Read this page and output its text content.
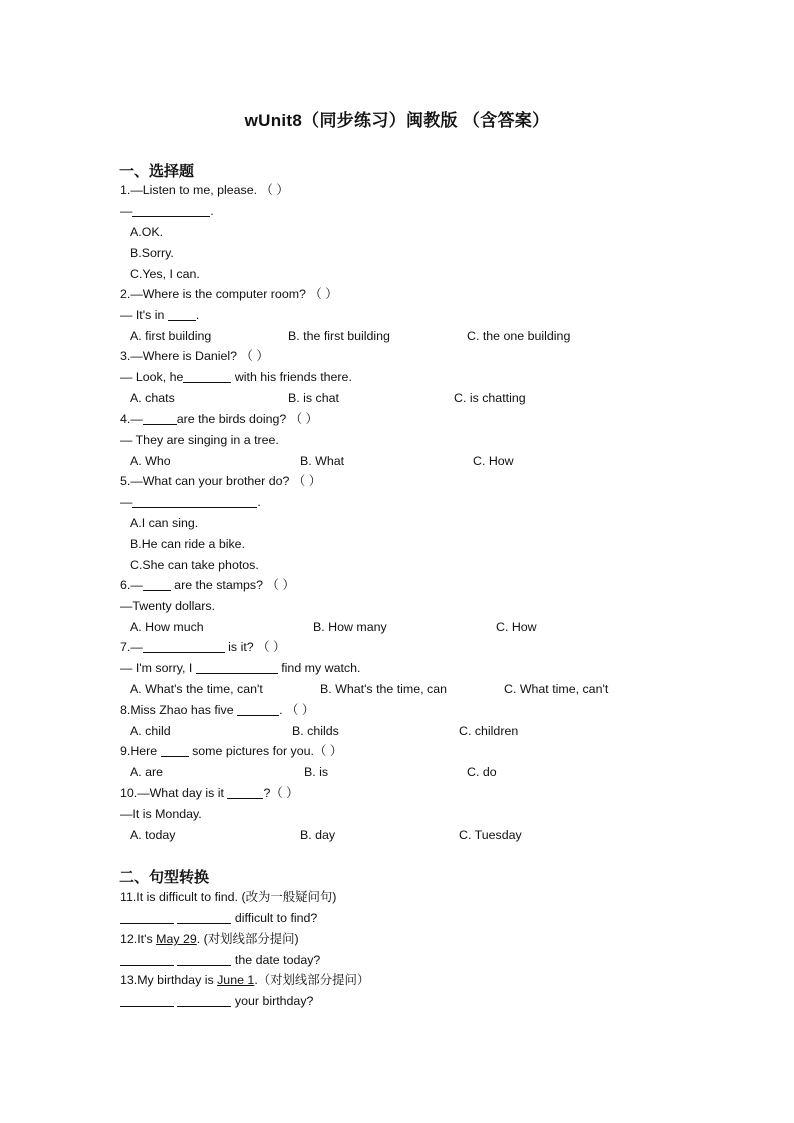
wUnit8（同步练习）闽教版 （含答案）
一、选择题
1.—Listen to me, please. （ ）
—	.
A.OK.
B.Sorry.
C.Yes, I can.
2.—Where is the computer room? （ ）
— It's in .
A. first building	B. the first building	C. the one building
3.—Where is Daniel? （ ）
— Look, he	with his friends there.
A. chats	B. is chat	C. is chatting
4.—	are the birds doing? （ ）
— They are singing in a tree.
A. Who	B. What	C. How
5.—What can your brother do? （ ）
—	.
A.I can sing.
B.He can ride a bike.
C.She can take photos.
6.— are the stamps? （ ）
—Twenty dollars.
A. How much	B. How many	C. How
7.—	is it? （ ）
— I'm sorry, I	find my watch.
A. What's the time, can't	B. What's the time, can	C. What time, can't
8.Miss Zhao has five	. （ ）
A. child	B. childs	C. children
9.Here  some pictures for you.（ ）
A. are	B. is	C. do
10.—What day is it	?（ ）
—It is Monday.
A. today	B. day	C. Tuesday
二、句型转换
11.It is difficult to find. (改为一般疑问句)
difficult to find?
12.It's May 29. (对划线部分提问)
the date today?
13.My birthday is June 1.（对划线部分提问）
your birthday?
